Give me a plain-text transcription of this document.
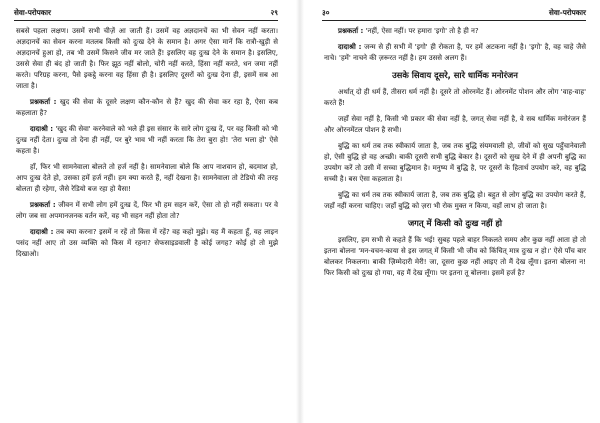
सेवा-परोपकार	२९

सबसे पहला लक्षण। उसमें सभी चीज़ें आ जाती हैं। उसमें वह अज्ञदानचें का भी सेवन नहीं करता। अज्ञदानचें का सेवन करना मतलब किसी को दुःख देने के समान है। अगर ऐसा मानें कि रात्रौ-खुड़ी से अज्ञदानचें हुआ हो, तब भी उसमें किसने जीव मर जाते हैं! इसलिए वह दुःख देने के समान है। इसलिए, उससे सेवा ही बंद हो जाती है। फिर झूठ नहीं बोलो, चोरी नहीं करते, हिंसा नहीं करते, धन जमा नहीं करते। परिग्रह करना, पैसे इकट्ठे करना वह हिंसा ही है। इसलिए दूसरों को दुःख देना ही, इसमें सब आ जाता है।

प्रश्नकर्ता : खुद की सेवा के दूसरे लक्षण कौन-कौन से हैं? खुद की सेवा कर रहा है, ऐसा कब कहलाता है?

दादाश्री : 'खुद की सेवा' करनेवाले को भले ही इस संसार के सारे लोग दुःख दें, पर वह किसी को भी दुःख नहीं देता। दुःख तो देना ही नहीं, पर बुरे भाव भी नहीं करता कि तेरा बुरा हो! 'तेरा भला हो' ऐसे कहता है।

हाँ, फिर भी सामनेवाला बोलते तो हर्ज नहीं है। सामनेवाला बोले कि आप नाशवान हो, बदमाश हो, आप दुःख देते हो, उसका हमें हर्ज नहीं। हम क्या करते हैं, नहीं देखना है। सामनेवाला तो टेडियो की तरह बोलता ही रहेगा, जैसे रेडियो बज रहा हो वैसा!

प्रश्नकर्ता : जीवन में सभी लोग हमें दुःख दें, फिर भी हम सहन करें, ऐसा तो हो नहीं सकता। पर वे लोग जब सा अपमानजनक वर्तन करें, वह भी सहन नहीं होता तो?

दादाश्री : तब क्या करना? इसमें न रहें तो किस में रहें? वह कहो मुझे। यह मैं कहता हूँ, वह लाइन पसंद नहीं आए तो उस व्यक्ति को किस में रहना? सेफसाइडवाली है कोई जगह? कोई हो तो मुझे दिखाओ।

३०	सेवा-परोपकार

प्रश्नकर्ता : 'नहीं, ऐसा नहीं। पर हमारा 'इगो' तो है ही न?

दादाश्री : जन्म से ही सभी में 'इगो' ही रोकता है, पर हमें अटकना नहीं है। 'इगो' है, वह चाहे जैसे नाचे। 'हमें' नाचने की ज़रूरत नहीं है। हम उससे अलग हैं।

उसके सिवाय दूसरे, सारे धार्मिक मनोरंजन

अर्थात् दो ही धर्म हैं, तीसरा धर्म नहीं है। दूसरे तो ओरनमेंट हैं। ओरनमेंट पोशन और लोग 'वाह-वाह' करते हैं!

जहाँ सेवा नहीं है, किसी भी प्रकार की सेवा नहीं है, जगत् सेवा नहीं है, वे सब धार्मिक मनोरंजन हैं और ओरनमेंटल पोशन है सभी।

बुद्धि का धर्म तब तक स्वीकार्य जाता है, जब तक बुद्धि संयमवाली हो, जीवों को सुख पहुँचानेवाली हो, ऐसी बुद्धि हो वह अच्छी। बाकी दूसरी सभी बुद्धि बेकार है। दूसरों को सुख देने में ही अपनी बुद्धि का उपयोग करें तो उसी में सच्चा बुद्धिमान है। मनुष्य में बुद्धि है, पर दूसरों के हितार्थ उपयोग करे, वह बुद्धि सच्ची है। बस ऐसा कहलाता है।

बुद्धि का धर्म तब तक स्वीकार्य जाता है, जब तक बुद्धि हो। बहुत से लोग बुद्धि का उपयोग करते हैं, जहाँ नहीं करना चाहिए। जहाँ बुद्धि को ज़रा भी रोक मुक्त न किया, वहाँ लाभ हो जाता है।

जगत् में किसी को दुःख नहीं हो

इसलिए, हम सभी से कहते हैं कि भई! सुबह पहले बाहर निकलते समय और कुछ नहीं आता हो तो इतना बोलना 'मन-वचन-काया से इस जगत् में किसी भी जीव को किंचित् मात्र दुःख न हो।' ऐसे पाँच बार बोलकर निकलना। बाकी ज़िम्मेदारी मेरी! जा, दूसरा कुछ नहीं आइए तो मैं देख लूँगा। इतना बोलना न! फिर किसी को दुःख हो गया, वह मैं देख लूँगा। पर इतना तू बोलना। इसमें हर्ज है?
